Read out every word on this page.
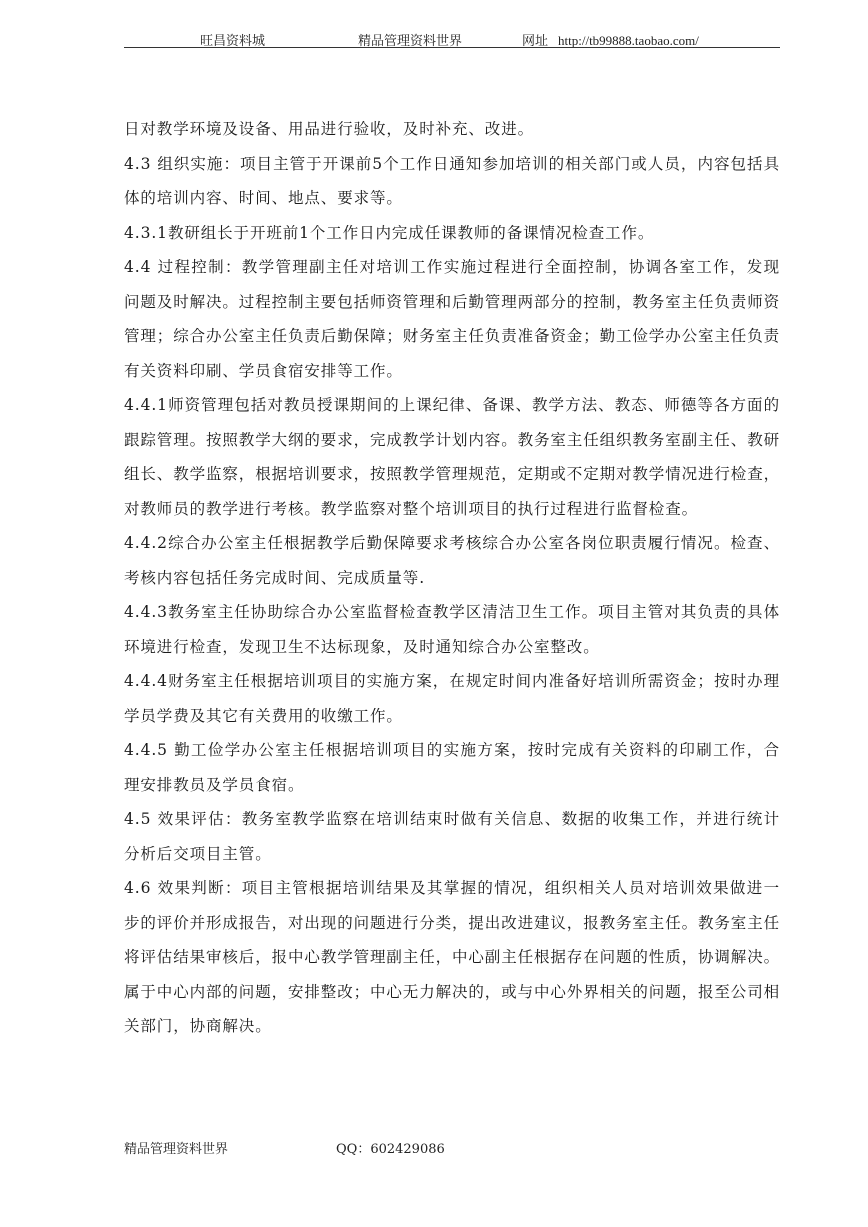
旺昌资料城	精品管理资料世界	网址 http://tb99888.taobao.com/

日对教学环境及设备、用品进行验收，及时补充、改进。

4.3 组织实施：项目主管于开课前5个工作日通知参加培训的相关部门或人员，内容包括具体的培训内容、时间、地点、要求等。

4.3.1教研组长于开班前1个工作日内完成任课教师的备课情况检查工作。

4.4 过程控制：教学管理副主任对培训工作实施过程进行全面控制，协调各室工作，发现问题及时解决。过程控制主要包括师资管理和后勤管理两部分的控制，教务室主任负责师资管理；综合办公室主任负责后勤保障；财务室主任负责准备资金；勤工俭学办公室主任负责有关资料印刷、学员食宿安排等工作。

4.4.1师资管理包括对教员授课期间的上课纪律、备课、教学方法、教态、师德等各方面的跟踪管理。按照教学大纲的要求，完成教学计划内容。教务室主任组织教务室副主任、教研组长、教学监察，根据培训要求，按照教学管理规范，定期或不定期对教学情况进行检查，对教师员的教学进行考核。教学监察对整个培训项目的执行过程进行监督检查。

4.4.2综合办公室主任根据教学后勤保障要求考核综合办公室各岗位职责履行情况。检查、考核内容包括任务完成时间、完成质量等.

4.4.3教务室主任协助综合办公室监督检查教学区清洁卫生工作。项目主管对其负责的具体环境进行检查，发现卫生不达标现象，及时通知综合办公室整改。

4.4.4财务室主任根据培训项目的实施方案，在规定时间内准备好培训所需资金；按时办理学员学费及其它有关费用的收缴工作。

4.4.5 勤工俭学办公室主任根据培训项目的实施方案，按时完成有关资料的印刷工作，合理安排教员及学员食宿。

4.5 效果评估：教务室教学监察在培训结束时做有关信息、数据的收集工作，并进行统计分析后交项目主管。

4.6 效果判断：项目主管根据培训结果及其掌握的情况，组织相关人员对培训效果做进一步的评价并形成报告，对出现的问题进行分类，提出改进建议，报教务室主任。教务室主任将评估结果审核后，报中心教学管理副主任，中心副主任根据存在问题的性质，协调解决。属于中心内部的问题，安排整改；中心无力解决的，或与中心外界相关的问题，报至公司相关部门，协商解决。

精品管理资料世界	QQ：602429086
